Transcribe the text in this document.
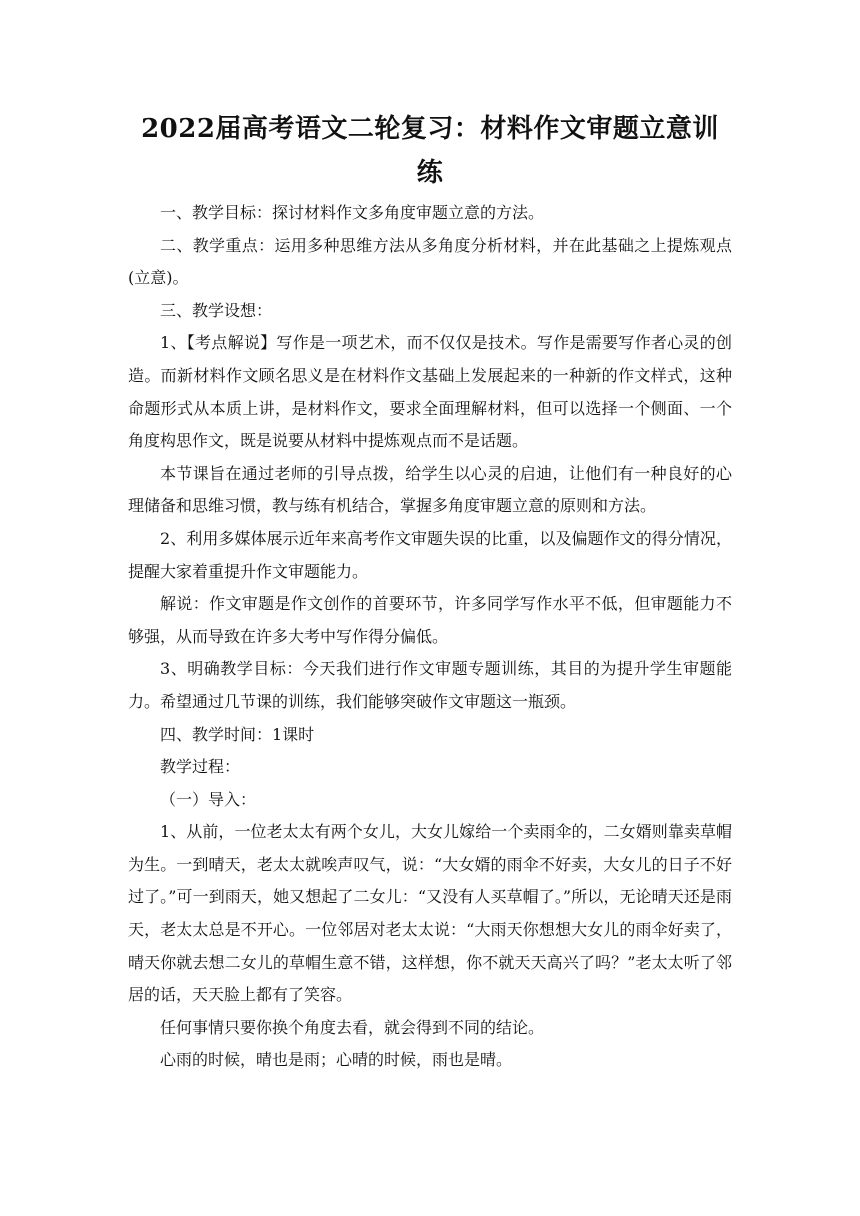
2022届高考语文二轮复习：材料作文审题立意训
练

一、教学目标：探讨材料作文多角度审题立意的方法。

二、教学重点：运用多种思维方法从多角度分析材料，并在此基础之上提炼观点(立意)。

三、教学设想：

1、【考点解说】写作是一项艺术，而不仅仅是技术。写作是需要写作者心灵的创造。而新材料作文顾名思义是在材料作文基础上发展起来的一种新的作文样式，这种命题形式从本质上讲，是材料作文，要求全面理解材料，但可以选择一个侧面、一个角度构思作文，既是说要从材料中提炼观点而不是话题。

本节课旨在通过老师的引导点拨，给学生以心灵的启迪，让他们有一种良好的心理储备和思维习惯，教与练有机结合，掌握多角度审题立意的原则和方法。

2、利用多媒体展示近年来高考作文审题失误的比重，以及偏题作文的得分情况，提醒大家着重提升作文审题能力。

解说：作文审题是作文创作的首要环节，许多同学写作水平不低，但审题能力不够强，从而导致在许多大考中写作得分偏低。

3、明确教学目标：今天我们进行作文审题专题训练，其目的为提升学生审题能力。希望通过几节课的训练，我们能够突破作文审题这一瓶颈。

四、教学时间：1课时

教学过程：

（一）导入：

1、从前，一位老太太有两个女儿，大女儿嫁给一个卖雨伞的，二女婿则靠卖草帽为生。一到晴天，老太太就唉声叹气，说：“大女婿的雨伞不好卖，大女儿的日子不好过了。”可一到雨天，她又想起了二女儿：“又没有人买草帽了。”所以，无论晴天还是雨天，老太太总是不开心。一位邻居对老太太说：“大雨天你想想大女儿的雨伞好卖了，晴天你就去想二女儿的草帽生意不错，这样想，你不就天天高兴了吗？”老太太听了邻居的话，天天脸上都有了笑容。

任何事情只要你换个角度去看，就会得到不同的结论。

心雨的时候，晴也是雨；心晴的时候，雨也是晴。
